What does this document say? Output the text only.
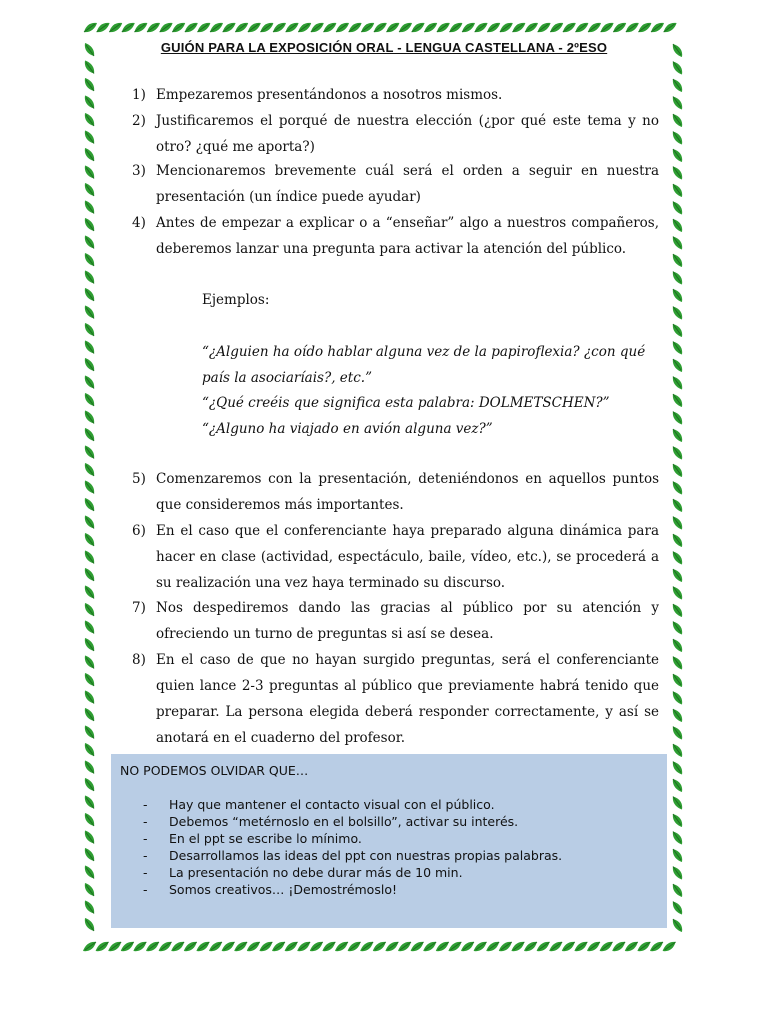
GUIÓN PARA LA EXPOSICIÓN ORAL - LENGUA CASTELLANA - 2ºESO
1) Empezaremos presentándonos a nosotros mismos.
2) Justificaremos el porqué de nuestra elección (¿por qué este tema y no otro? ¿qué me aporta?)
3) Mencionaremos brevemente cuál será el orden a seguir en nuestra presentación (un índice puede ayudar)
4) Antes de empezar a explicar o a “enseñar” algo a nuestros compañeros, deberemos lanzar una pregunta para activar la atención del público.
Ejemplos:
“¿Alguien ha oído hablar alguna vez de la papiroflexia? ¿con qué país la asociaríais?, etc.”
“¿Qué creéis que significa esta palabra: DOLMETSCHEN?”
“¿Alguno ha viajado en avión alguna vez?”
5) Comenzaremos con la presentación, deteniéndonos en aquellos puntos que consideremos más importantes.
6) En el caso que el conferenciante haya preparado alguna dinámica para hacer en clase (actividad, espectáculo, baile, vídeo, etc.), se procederá a su realización una vez haya terminado su discurso.
7) Nos despediremos dando las gracias al público por su atención y ofreciendo un turno de preguntas si así se desea.
8) En el caso de que no hayan surgido preguntas, será el conferenciante quien lance 2-3 preguntas al público que previamente habrá tenido que preparar. La persona elegida deberá responder correctamente, y así se anotará en el cuaderno del profesor.
NO PODEMOS OLVIDAR QUE…
- Hay que mantener el contacto visual con el público.
- Debemos “metérnoslo en el bolsillo”, activar su interés.
- En el ppt se escribe lo mínimo.
- Desarrollamos las ideas del ppt con nuestras propias palabras.
- La presentación no debe durar más de 10 min.
- Somos creativos… ¡Demostrémoslo!
